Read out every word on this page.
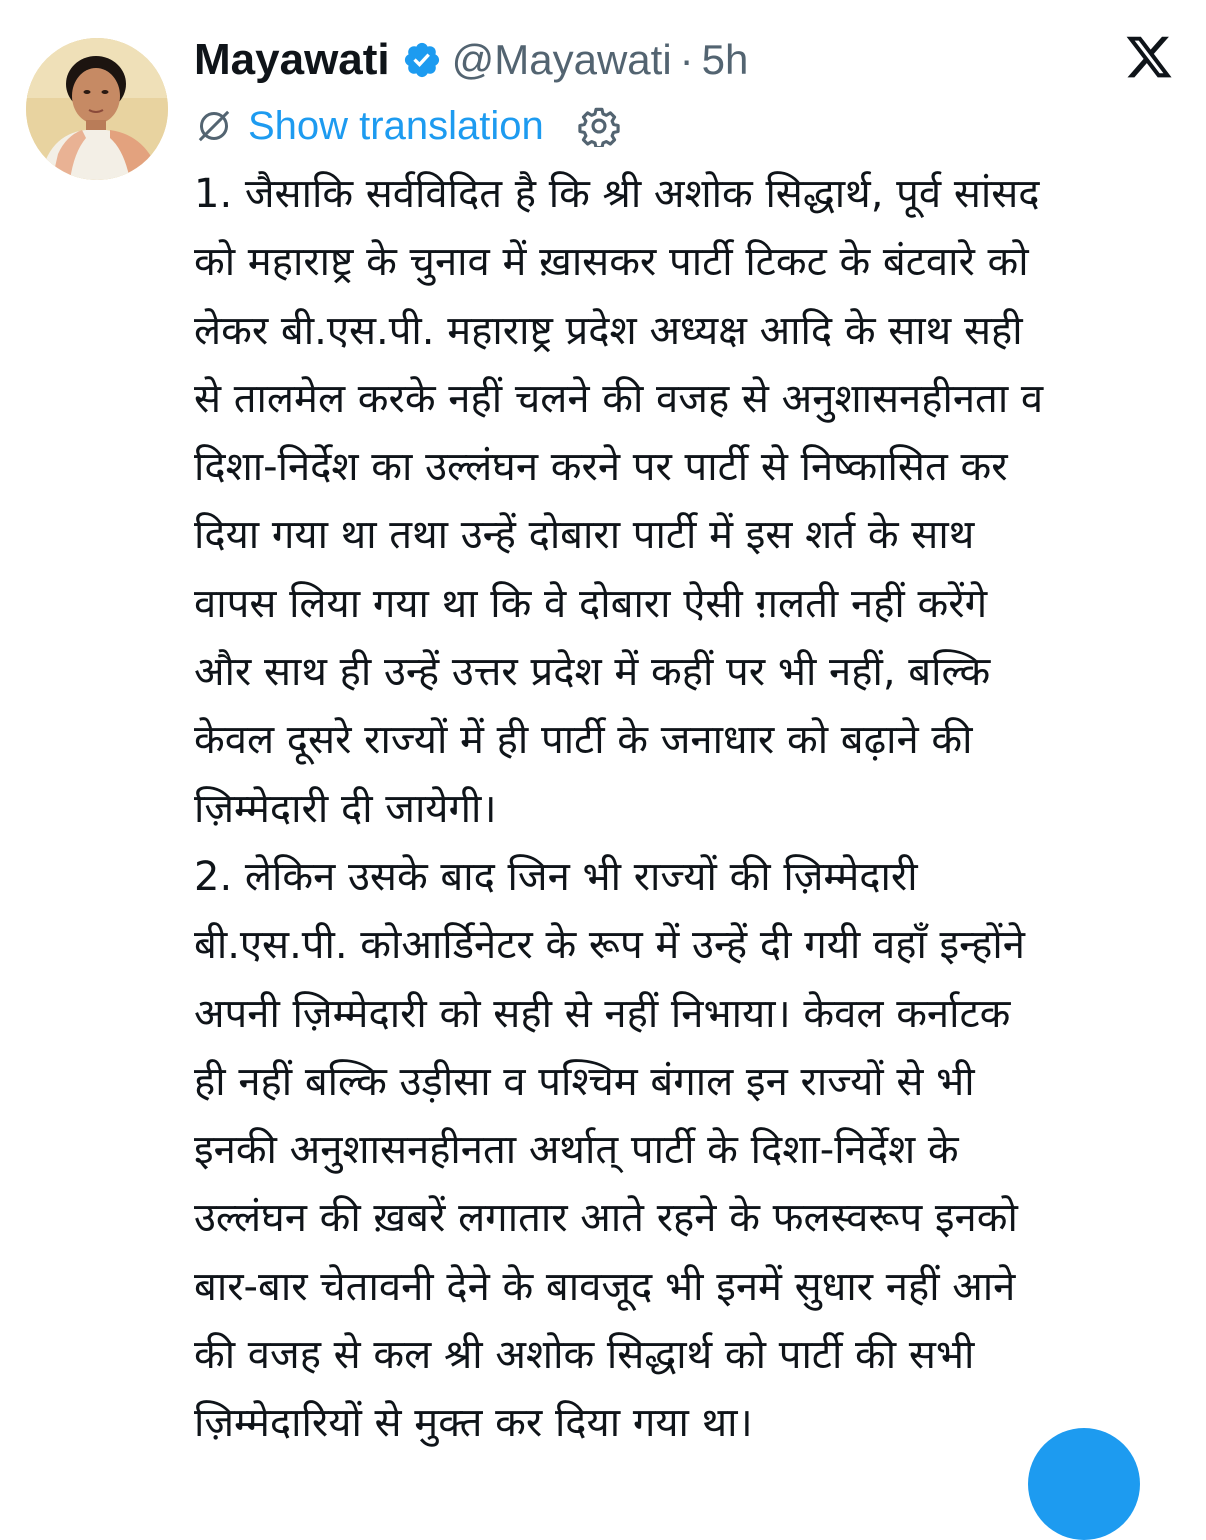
Mayawati @Mayawati · 5h
Show translation
1. जैसाकि सर्वविदित है कि श्री अशोक सिद्धार्थ, पूर्व सांसद
को महाराष्ट्र के चुनाव में ख़ासकर पार्टी टिकट के बंटवारे को
लेकर बी.एस.पी. महाराष्ट्र प्रदेश अध्यक्ष आदि के साथ सही
से तालमेल करके नहीं चलने की वजह से अनुशासनहीनता व
दिशा-निर्देश का उल्लंघन करने पर पार्टी से निष्कासित कर
दिया गया था तथा उन्हें दोबारा पार्टी में इस शर्त के साथ
वापस लिया गया था कि वे दोबारा ऐसी ग़लती नहीं करेंगे
और साथ ही उन्हें उत्तर प्रदेश में कहीं पर भी नहीं, बल्कि
केवल दूसरे राज्यों में ही पार्टी के जनाधार को बढ़ाने की
ज़िम्मेदारी दी जायेगी।
2. लेकिन उसके बाद जिन भी राज्यों की ज़िम्मेदारी
बी.एस.पी. कोआर्डिनेटर के रूप में उन्हें दी गयी वहाँ इन्होंने
अपनी ज़िम्मेदारी को सही से नहीं निभाया। केवल कर्नाटक
ही नहीं बल्कि उड़ीसा व पश्चिम बंगाल इन राज्यों से भी
इनकी अनुशासनहीनता अर्थात् पार्टी के दिशा-निर्देश के
उल्लंघन की ख़बरें लगातार आते रहने के फलस्वरूप इनको
बार-बार चेतावनी देने के बावजूद भी इनमें सुधार नहीं आने
की वजह से कल श्री अशोक सिद्धार्थ को पार्टी की सभी
ज़िम्मेदारियों से मुक्त कर दिया गया था।
